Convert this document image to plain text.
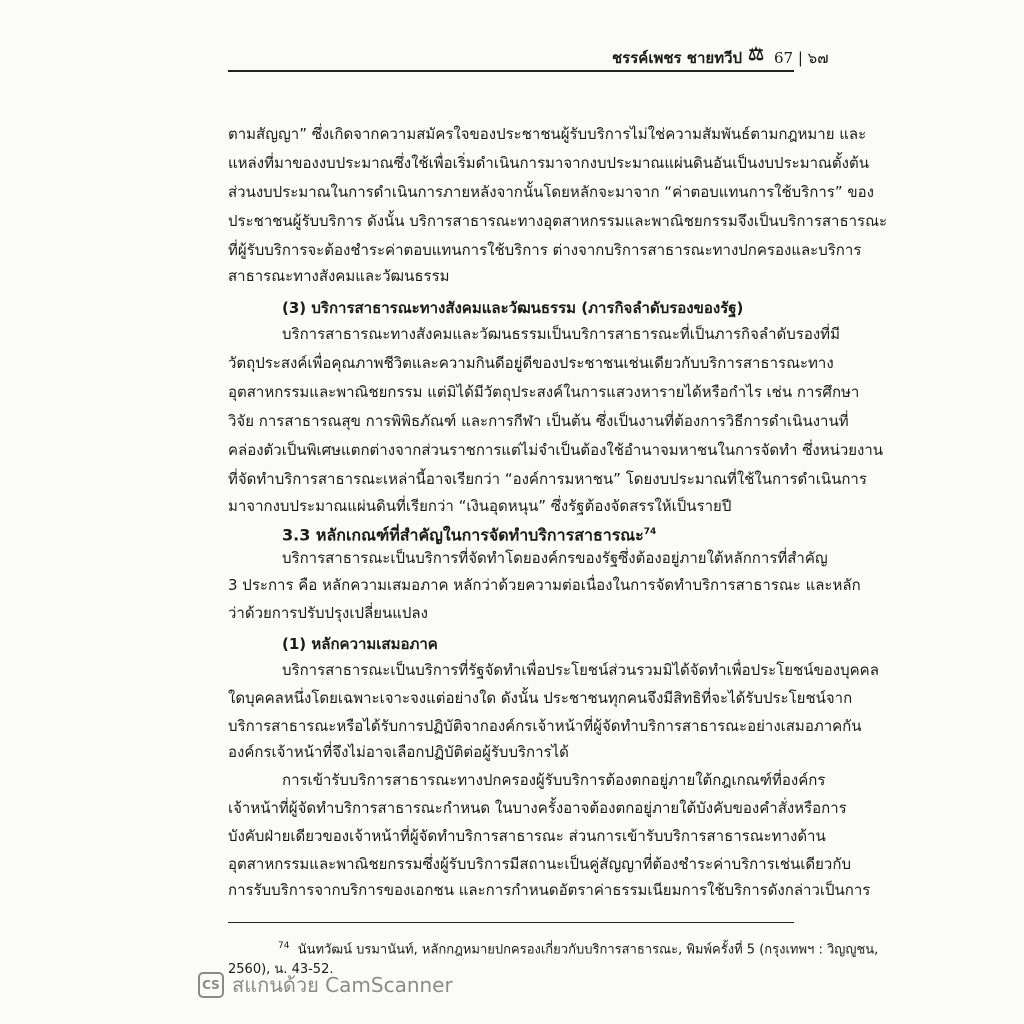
ชรรค์เพชร ชายทวีป ⚖ 67 | ๖๗
ตามสัญญา” ซึ่งเกิดจากความสมัครใจของประชาชนผู้รับบริการไม่ใช่ความสัมพันธ์ตามกฎหมาย และ
แหล่งที่มาของงบประมาณซึ่งใช้เพื่อเริ่มดำเนินการมาจากงบประมาณแผ่นดินอันเป็นงบประมาณตั้งต้น
ส่วนงบประมาณในการดำเนินการภายหลังจากนั้นโดยหลักจะมาจาก “ค่าตอบแทนการใช้บริการ” ของ
ประชาชนผู้รับบริการ ดังนั้น บริการสาธารณะทางอุตสาหกรรมและพาณิชยกรรมจึงเป็นบริการสาธารณะ
ที่ผู้รับบริการจะต้องชำระค่าตอบแทนการใช้บริการ ต่างจากบริการสาธารณะทางปกครองและบริการ
สาธารณะทางสังคมและวัฒนธรรม
(3) บริการสาธารณะทางสังคมและวัฒนธรรม (ภารกิจลำดับรองของรัฐ)
บริการสาธารณะทางสังคมและวัฒนธรรมเป็นบริการสาธารณะที่เป็นภารกิจลำดับรองที่มี
วัตถุประสงค์เพื่อคุณภาพชีวิตและความกินดีอยู่ดีของประชาชนเช่นเดียวกับบริการสาธารณะทาง
อุตสาหกรรมและพาณิชยกรรม แต่มิได้มีวัตถุประสงค์ในการแสวงหารายได้หรือกำไร เช่น การศึกษา
วิจัย การสาธารณสุข การพิพิธภัณฑ์ และการกีฬา เป็นต้น ซึ่งเป็นงานที่ต้องการวิธีการดำเนินงานที่
คล่องตัวเป็นพิเศษแตกต่างจากส่วนราชการแต่ไม่จำเป็นต้องใช้อำนาจมหาชนในการจัดทำ ซึ่งหน่วยงาน
ที่จัดทำบริการสาธารณะเหล่านี้อาจเรียกว่า “องค์การมหาชน” โดยงบประมาณที่ใช้ในการดำเนินการ
มาจากงบประมาณแผ่นดินที่เรียกว่า “เงินอุดหนุน” ซึ่งรัฐต้องจัดสรรให้เป็นรายปี
3.3 หลักเกณฑ์ที่สำคัญในการจัดทำบริการสาธารณะ$^{74}$
บริการสาธารณะเป็นบริการที่จัดทำโดยองค์กรของรัฐซึ่งต้องอยู่ภายใต้หลักการที่สำคัญ
3 ประการ คือ หลักความเสมอภาค หลักว่าด้วยความต่อเนื่องในการจัดทำบริการสาธารณะ และหลัก
ว่าด้วยการปรับปรุงเปลี่ยนแปลง
(1) หลักความเสมอภาค
บริการสาธารณะเป็นบริการที่รัฐจัดทำเพื่อประโยชน์ส่วนรวมมิได้จัดทำเพื่อประโยชน์ของบุคคล
ใดบุคคลหนึ่งโดยเฉพาะเจาะจงแต่อย่างใด ดังนั้น ประชาชนทุกคนจึงมีสิทธิที่จะได้รับประโยชน์จาก
บริการสาธารณะหรือได้รับการปฏิบัติจากองค์กรเจ้าหน้าที่ผู้จัดทำบริการสาธารณะอย่างเสมอภาคกัน
องค์กรเจ้าหน้าที่จึงไม่อาจเลือกปฏิบัติต่อผู้รับบริการได้
การเข้ารับบริการสาธารณะทางปกครองผู้รับบริการต้องตกอยู่ภายใต้กฎเกณฑ์ที่องค์กร
เจ้าหน้าที่ผู้จัดทำบริการสาธารณะกำหนด ในบางครั้งอาจต้องตกอยู่ภายใต้บังคับของคำสั่งหรือการ
บังคับฝ่ายเดียวของเจ้าหน้าที่ผู้จัดทำบริการสาธารณะ ส่วนการเข้ารับบริการสาธารณะทางด้าน
อุตสาหกรรมและพาณิชยกรรมซึ่งผู้รับบริการมีสถานะเป็นคู่สัญญาที่ต้องชำระค่าบริการเช่นเดียวกับ
การรับบริการจากบริการของเอกชน และการกำหนดอัตราค่าธรรมเนียมการใช้บริการดังกล่าวเป็นการ
$^{74}$ นันทวัฒน์ บรมานันท์, หลักกฎหมายปกครองเกี่ยวกับบริการสาธารณะ, พิมพ์ครั้งที่ 5 (กรุงเทพฯ : วิญญูชน,
2560), น. 43-52.
CS สแกนด้วย CamScanner
